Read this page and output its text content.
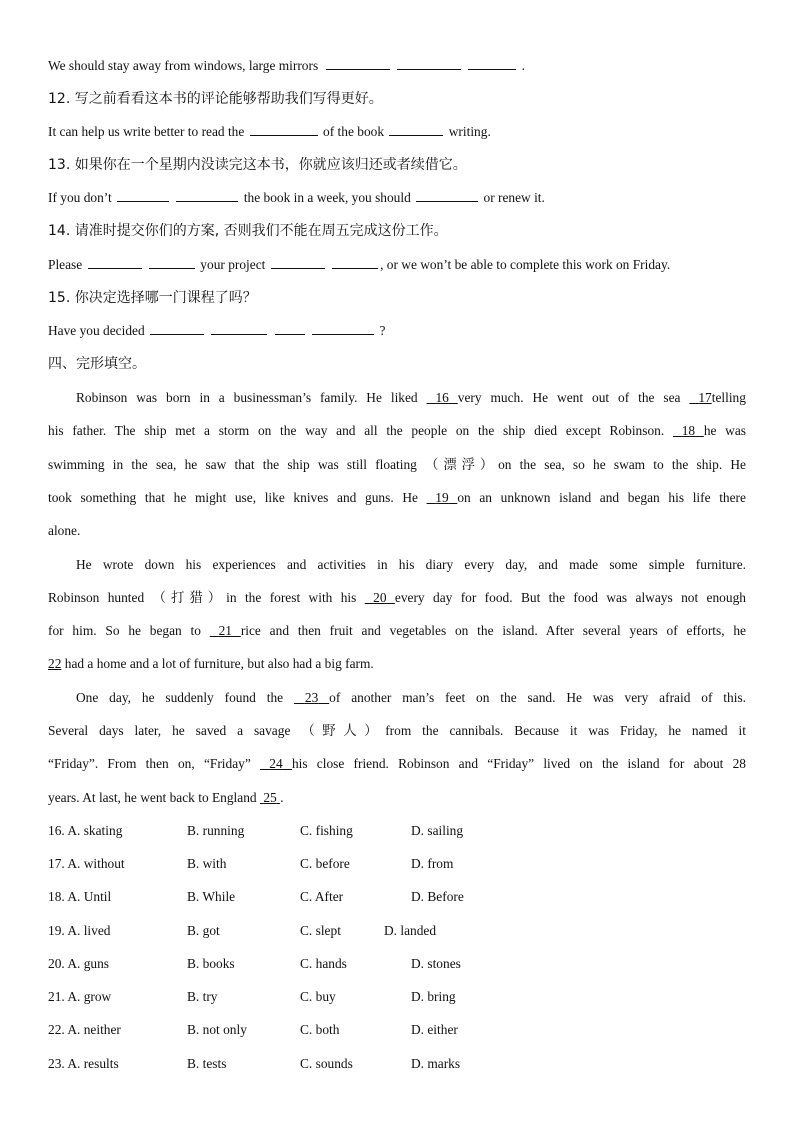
We should stay away from windows, large mirrors	.
12. 写之前看看这本书的评论能够帮助我们写得更好。
It can help us write better to read the	of the book	writing.
13. 如果你在一个星期内没读完这本书，你就应该归还或者续借它。
If you don’t	the book in a week, you should	or renew it.
14. 请准时提交你们的方案, 否则我们不能在周五完成这份工作。
Please	your project	, or we won’t be able to complete this work on Friday.
15. 你决定选择哪一门课程了吗？
Have you decided	?
四、完形填空。
Robinson was born in a businessman’s family. He liked 16 very much. He went out of the sea 17telling
his father. The ship met a storm on the way and all the people on the ship died except Robinson. 18 he was
swimming in the sea, he saw that the ship was still floating （漂浮）on the sea, so he swam to the ship. He
took something that he might use, like knives and guns. He 19 on an unknown island and began his life there
alone.
He wrote down his experiences and activities in his diary every day, and made some simple furniture.
Robinson hunted （打猎）in the forest with his 20 every day for food. But the food was always not enough
for him. So he began to 21 rice and then fruit and vegetables on the island. After several years of efforts, he
22 had a home and a lot of furniture, but also had a big farm.
One day, he suddenly found the 23 of another man’s feet on the sand. He was very afraid of this.
Several days later, he saved a savage （野人）from the cannibals. Because it was Friday, he named it
“Friday”. From then on, “Friday” 24 his close friend. Robinson and “Friday” lived on the island for about 28
years. At last, he went back to England 25 .
16. A. skating	B. running	C. fishing	D. sailing
17. A. without	B. with	C. before	D. from
18. A. Until	B. While	C. After	D. Before
19. A. lived	B. got	C. slept	D. landed
20. A. guns	B. books	C. hands	D. stones
21. A. grow	B. try	C. buy	D. bring
22. A. neither	B. not only	C. both	D. either
23. A. results	B. tests	C. sounds	D. marks
